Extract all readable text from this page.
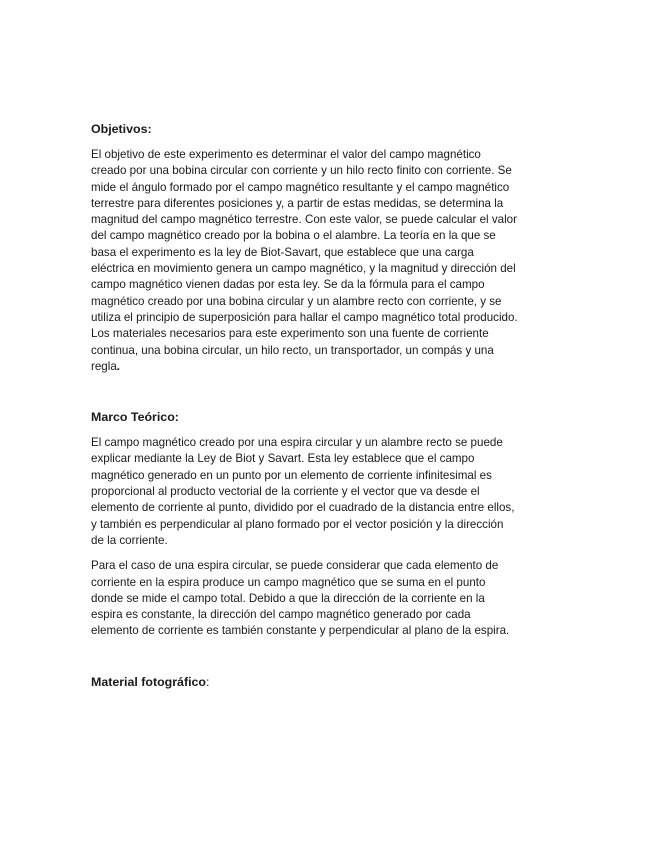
Objetivos:

El objetivo de este experimento es determinar el valor del campo magnético
creado por una bobina circular con corriente y un hilo recto finito con corriente. Se
mide el ángulo formado por el campo magnético resultante y el campo magnético
terrestre para diferentes posiciones y, a partir de estas medidas, se determina la
magnitud del campo magnético terrestre. Con este valor, se puede calcular el valor
del campo magnético creado por la bobina o el alambre. La teoría en la que se
basa el experimento es la ley de Biot-Savart, que establece que una carga
eléctrica en movimiento genera un campo magnético, y la magnitud y dirección del
campo magnético vienen dadas por esta ley. Se da la fórmula para el campo
magnético creado por una bobina circular y un alambre recto con corriente, y se
utiliza el principio de superposición para hallar el campo magnético total producido.
Los materiales necesarios para este experimento son una fuente de corriente
continua, una bobina circular, un hilo recto, un transportador, un compás y una
regla.

Marco Teórico:

El campo magnético creado por una espira circular y un alambre recto se puede
explicar mediante la Ley de Biot y Savart. Esta ley establece que el campo
magnético generado en un punto por un elemento de corriente infinitesimal es
proporcional al producto vectorial de la corriente y el vector que va desde el
elemento de corriente al punto, dividido por el cuadrado de la distancia entre ellos,
y también es perpendicular al plano formado por el vector posición y la dirección
de la corriente.

Para el caso de una espira circular, se puede considerar que cada elemento de
corriente en la espira produce un campo magnético que se suma en el punto
donde se mide el campo total. Debido a que la dirección de la corriente en la
espira es constante, la dirección del campo magnético generado por cada
elemento de corriente es también constante y perpendicular al plano de la espira.

Material fotográfico:
